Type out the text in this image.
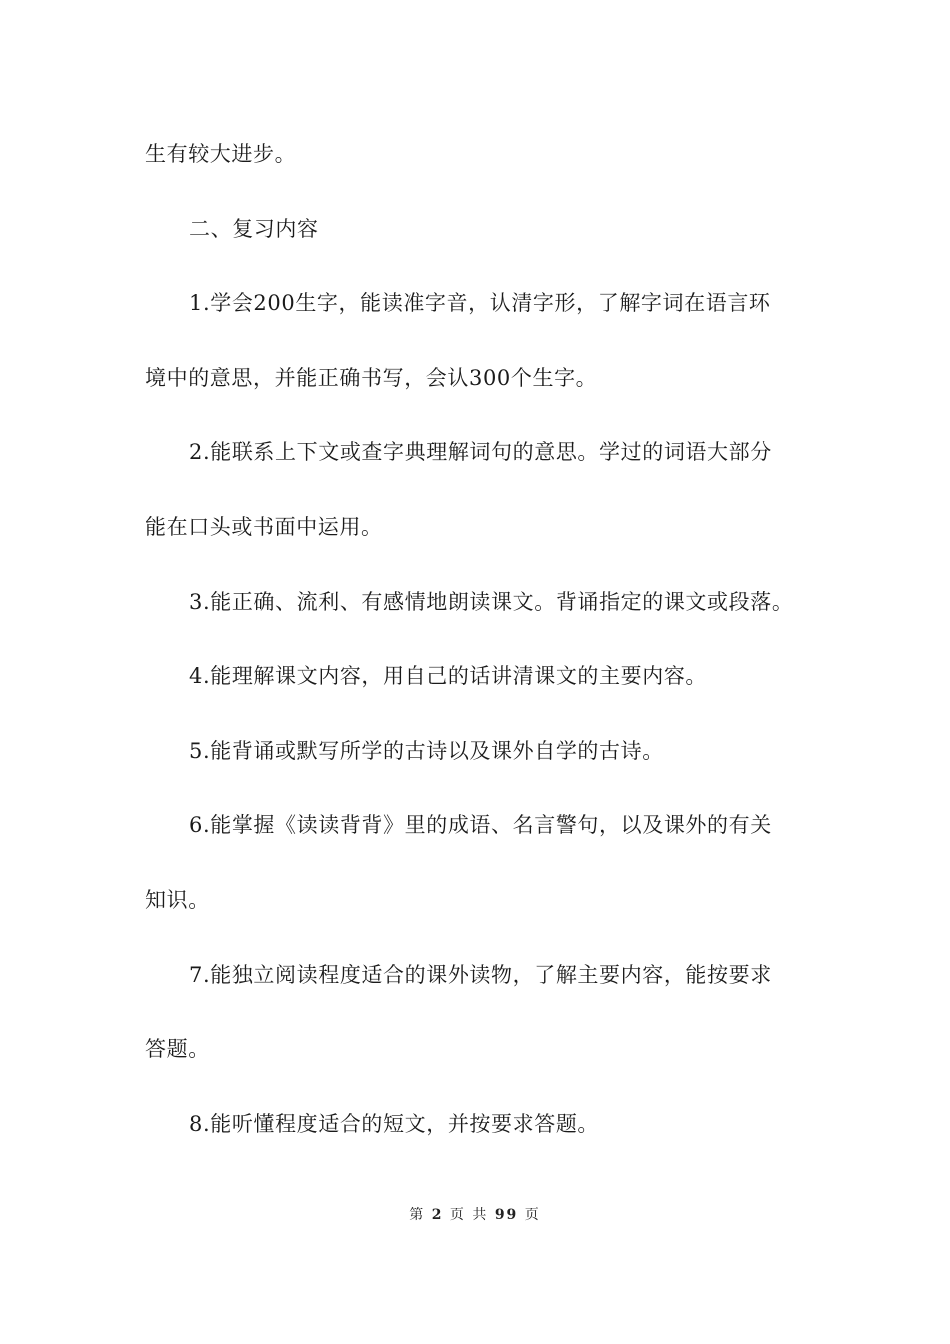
生有较大进步。
二、复习内容
1.学会200生字，能读准字音，认清字形，了解字词在语言环
境中的意思，并能正确书写，会认300个生字。
2.能联系上下文或查字典理解词句的意思。学过的词语大部分
能在口头或书面中运用。
3.能正确、流利、有感情地朗读课文。背诵指定的课文或段落。
4.能理解课文内容，用自己的话讲清课文的主要内容。
5.能背诵或默写所学的古诗以及课外自学的古诗。
6.能掌握《读读背背》里的成语、名言警句，以及课外的有关
知识。
7.能独立阅读程度适合的课外读物，了解主要内容，能按要求
答题。
8.能听懂程度适合的短文，并按要求答题。
第 2 页 共 99 页
